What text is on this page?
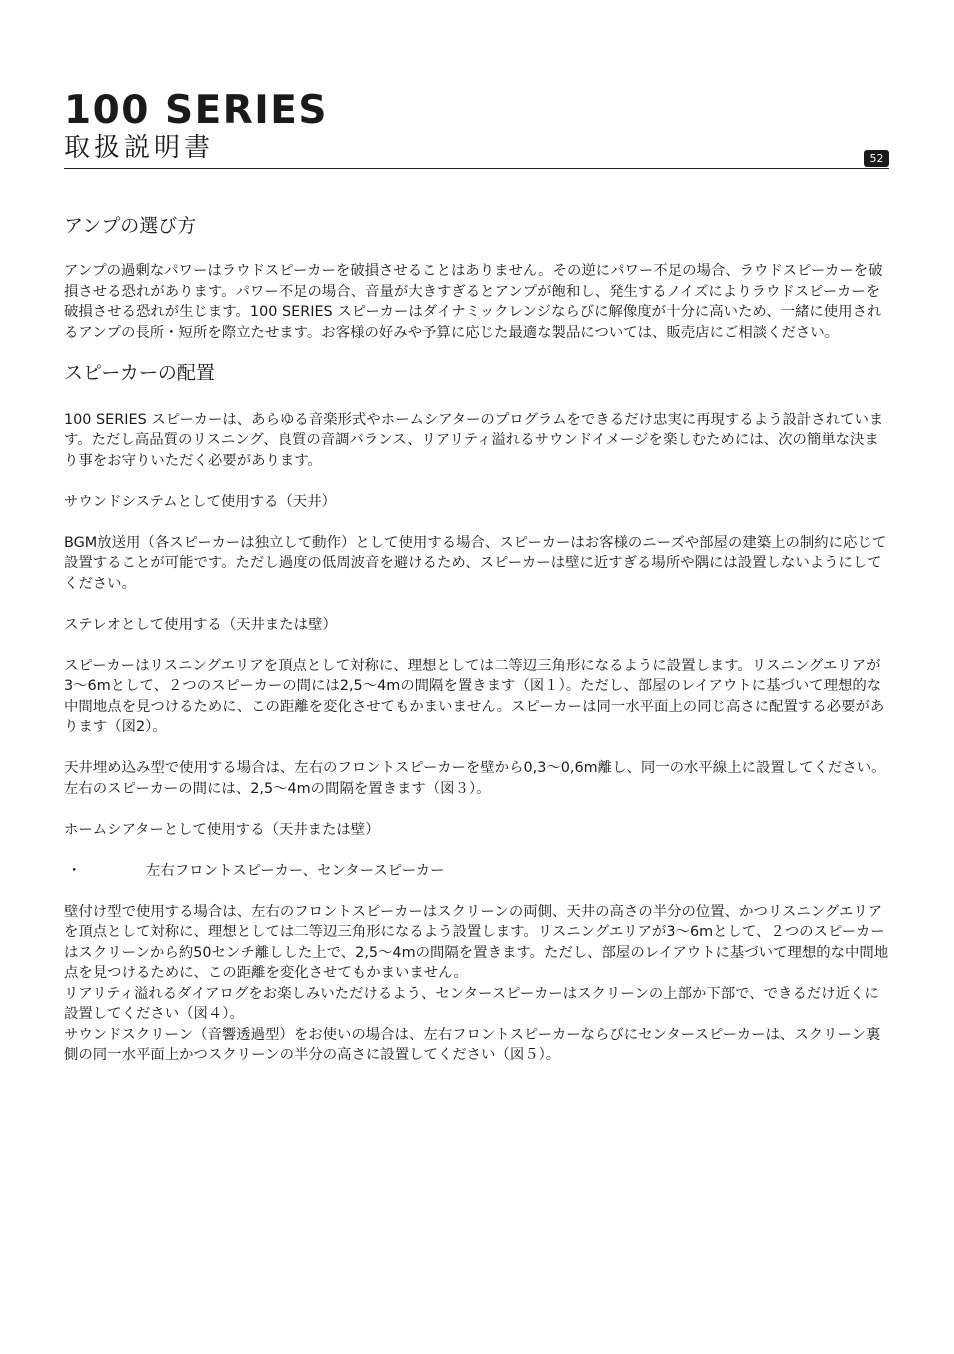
100 SERIES
取扱説明書	52
アンプの選び方

アンプの過剰なパワーはラウドスピーカーを破損させることはありません。その逆にパワー不足の場合、ラウドスピーカーを破損させる恐れがあります。パワー不足の場合、音量が大きすぎるとアンプが飽和し、発生するノイズによりラウドスピーカーを破損させる恐れが生じます。100 SERIES スピーカーはダイナミックレンジならびに解像度が十分に高いため、一緒に使用されるアンプの長所・短所を際立たせます。お客様の好みや予算に応じた最適な製品については、販売店にご相談ください。

スピーカーの配置

100 SERIES スピーカーは、あらゆる音楽形式やホームシアターのプログラムをできるだけ忠実に再現するよう設計されています。ただし高品質のリスニング、良質の音調バランス、リアリティ溢れるサウンドイメージを楽しむためには、次の簡単な決まり事をお守りいただく必要があります。

サウンドシステムとして使用する（天井）

BGM放送用（各スピーカーは独立して動作）として使用する場合、スピーカーはお客様のニーズや部屋の建築上の制約に応じて設置することが可能です。ただし過度の低周波音を避けるため、スピーカーは壁に近すぎる場所や隅には設置しないようにしてください。

ステレオとして使用する（天井または壁）

スピーカーはリスニングエリアを頂点として対称に、理想としては二等辺三角形になるように設置します。リスニングエリアが3〜6mとして、２つのスピーカーの間には2,5〜4mの間隔を置きます（図１）。ただし、部屋のレイアウトに基づいて理想的な中間地点を見つけるために、この距離を変化させてもかまいません。スピーカーは同一水平面上の同じ高さに配置する必要があります（図2）。

天井埋め込み型で使用する場合は、左右のフロントスピーカーを壁から0,3〜0,6m離し、同一の水平線上に設置してください。左右のスピーカーの間には、2,5〜4mの間隔を置きます（図３）。

ホームシアターとして使用する（天井または壁）

・	左右フロントスピーカー、センタースピーカー

壁付け型で使用する場合は、左右のフロントスピーカーはスクリーンの両側、天井の高さの半分の位置、かつリスニングエリアを頂点として対称に、理想としては二等辺三角形になるよう設置します。リスニングエリアが3〜6mとして、２つのスピーカーはスクリーンから約50センチ離しした上で、2,5〜4mの間隔を置きます。ただし、部屋のレイアウトに基づいて理想的な中間地点を見つけるために、この距離を変化させてもかまいません。

リアリティ溢れるダイアログをお楽しみいただけるよう、センタースピーカーはスクリーンの上部か下部で、できるだけ近くに設置してください（図４）。

サウンドスクリーン（音響透過型）をお使いの場合は、左右フロントスピーカーならびにセンタースピーカーは、スクリーン裏側の同一水平面上かつスクリーンの半分の高さに設置してください（図５）。
